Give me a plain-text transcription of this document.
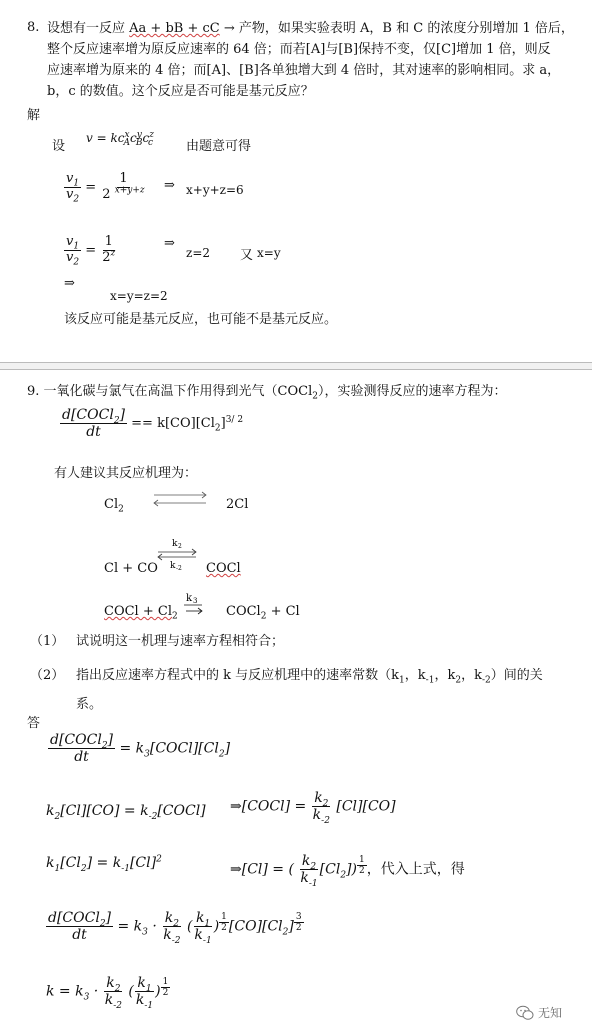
8. 设想有一反应 Aa + bB + cC → 产物，如果实验表明 A，B 和 C 的浓度分别增加 1 倍后，
整个反应速率增为原反应速率的 64 倍；而若[A]与[B]保持不变，仅[C]增加 1 倍，则反
应速率增为原来的 4 倍；而[A]、[B]各单独增大到 4 倍时，其对速率的影响相同。求 a，
b，c 的数值。这个反应是否可能是基元反应？
解
设
$v = kc^x_Ac^y_Bc^z_c$	由题意可得
$\frac{v_1}{v_2} = \frac{1}{2 ^{x+y+z}}$ ⇒ x+y+z=6
$\frac{v_1}{v_2} = \frac{1}{2^z}$	⇒
z=2 又 x=y
⇒
x=y=z=2
该反应可能是基元反应，也可能不是基元反应。
9. 一氧化碳与氯气在高温下作用得到光气（COCl$_2$），实验测得反应的速率方程为：
$\frac{d[COCl_2]}{dt} == k[CO][Cl_2]^{3/ 2}$
有人建议其反应机理为：
$Cl_2$	2Cl
Cl + CO
k 2
k -2 COCl
COCl + $Cl_2$
k 3
COCl$_2$ + Cl
（1） 试说明这一机理与速率方程相符合；
（2） 指出反应速率方程式中的 k 与反应机理中的速率常数（$k_1$，$k_{-1}$，$k_2$，$k_{-2}$）间的关
系。
答
$\frac{d[COCl_2]}{dt}$ = $k_3[COCl][Cl_2]$
$k_2[Cl][CO]$ = $k_{-2}[COCl]$ ⇒[COCl] = $\frac{k_2}{k_{-2}} [Cl][CO]$
$k_1[Cl_2] = k_{-1}[Cl]^2$
⇒[Cl] = ( $\frac{k_2}{k_{-1}} [Cl_2]$) $^{\frac{1}{2}}$ ，代入上式，得
$\frac{d[COCl_2]}{dt} = k_3 \cdot \frac{k_2}{k_{-2}}$ ( $\frac{k_1}{k_{-1}}$ ) $^{\frac{1}{2}}$ $[CO][Cl_2]$ $^{\frac{3}{2}}$
$k = k_3 \cdot \frac{k_2}{k_{-2}}$ ( $\frac{k_1}{k_{-1}}$ ) $^{\frac{1}{2}}$
无知
